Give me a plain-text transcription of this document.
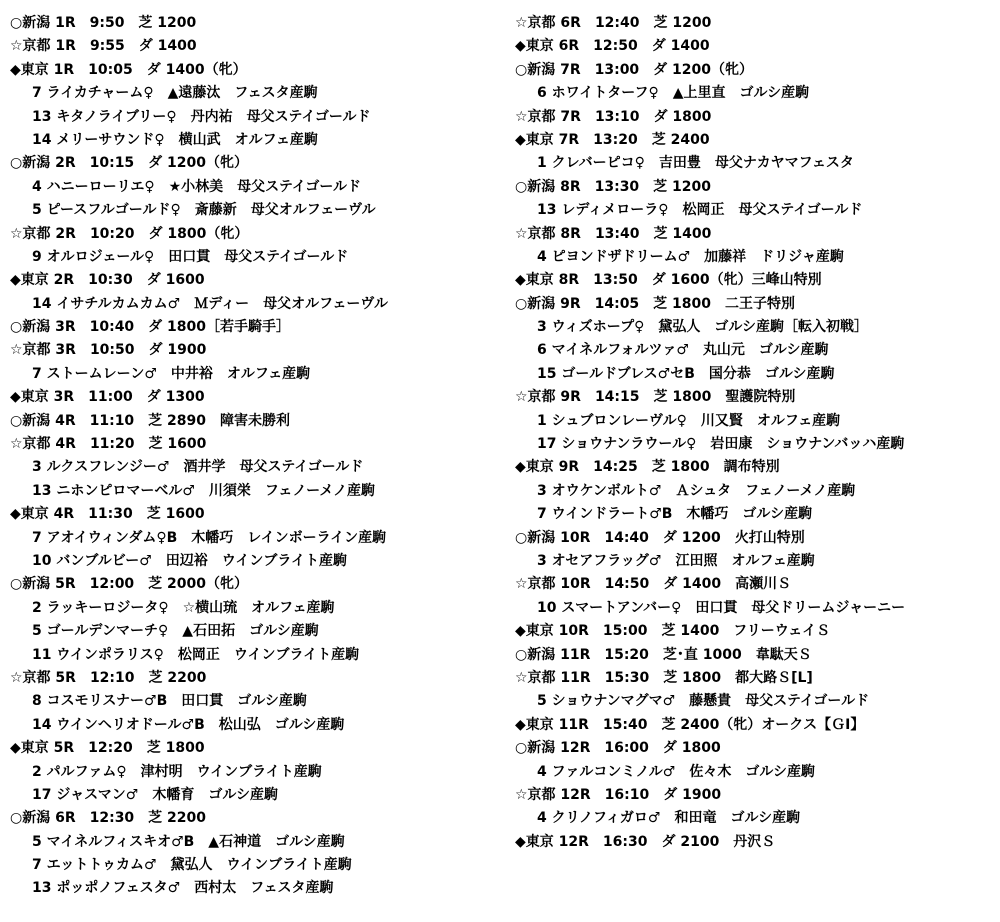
○新潟 1R　9:50　芝 1200
☆京都 1R　9:55　ダ 1400
◆東京 1R　10:05　ダ 1400（牝）
7 ライカチャーム♀　▲遠藤汰　フェスタ産駒
13 キタノライブリー♀　丹内祐　母父ステイゴールド
14 メリーサウンド♀　横山武　オルフェ産駒
○新潟 2R　10:15　ダ 1200（牝）
4 ハニーローリエ♀　★小林美　母父ステイゴールド
5 ピースフルゴールド♀　斎藤新　母父オルフェーヴル
☆京都 2R　10:20　ダ 1800（牝）
9 オルロジェール♀　田口貫　母父ステイゴールド
◆東京 2R　10:30　ダ 1600
14 イサチルカムカム♂　Ｍディー　母父オルフェーヴル
○新潟 3R　10:40　ダ 1800［若手騎手］
☆京都 3R　10:50　ダ 1900
7 ストームレーン♂　中井裕　オルフェ産駒
◆東京 3R　11:00　ダ 1300
○新潟 4R　11:10　芝 2890　障害未勝利
☆京都 4R　11:20　芝 1600
3 ルクスフレンジー♂　酒井学　母父ステイゴールド
13 ニホンピロマーベル♂　川須栄　フェノーメノ産駒
◆東京 4R　11:30　芝 1600
7 アオイウィンダム♀B　木幡巧　レインボーライン産駒
10 バンブルビー♂　田辺裕　ウインブライト産駒
○新潟 5R　12:00　芝 2000（牝）
2 ラッキーロジータ♀　☆横山琉　オルフェ産駒
5 ゴールデンマーチ♀　▲石田拓　ゴルシ産駒
11 ウインポラリス♀　松岡正　ウインブライト産駒
☆京都 5R　12:10　芝 2200
8 コスモリスナー♂B　田口貫　ゴルシ産駒
14 ウインヘリオドール♂B　松山弘　ゴルシ産駒
◆東京 5R　12:20　芝 1800
2 パルファム♀　津村明　ウインブライト産駒
17 ジャスマン♂　木幡育　ゴルシ産駒
○新潟 6R　12:30　芝 2200
5 マイネルフィスキオ♂B　▲石神道　ゴルシ産駒
7 エットトゥカム♂　黛弘人　ウインブライト産駒
13 ポッポノフェスタ♂　西村太　フェスタ産駒
☆京都 6R　12:40　芝 1200
◆東京 6R　12:50　ダ 1400
○新潟 7R　13:00　ダ 1200（牝）
6 ホワイトターフ♀　▲上里直　ゴルシ産駒
☆京都 7R　13:10　ダ 1800
◆東京 7R　13:20　芝 2400
1 クレバーピコ♀　吉田豊　母父ナカヤマフェスタ
○新潟 8R　13:30　芝 1200
13 レディメローラ♀　松岡正　母父ステイゴールド
☆京都 8R　13:40　芝 1400
4 ピヨンドザドリーム♂　加藤祥　ドリジャ産駒
◆東京 8R　13:50　ダ 1600（牝）三峰山特別
○新潟 9R　14:05　芝 1800　二王子特別
3 ウィズホープ♀　黛弘人　ゴルシ産駒［転入初戦］
6 マイネルフォルツァ♂　丸山元　ゴルシ産駒
15 ゴールドブレス♂セB　国分恭　ゴルシ産駒
☆京都 9R　14:15　芝 1800　聖護院特別
1 シュブロンレーヴル♀　川又賢　オルフェ産駒
17 ショウナンラウール♀　岩田康　ショウナンバッハ産駒
◆東京 9R　14:25　芝 1800　調布特別
3 オウケンボルト♂　Ａシュタ　フェノーメノ産駒
7 ウインドラート♂B　木幡巧　ゴルシ産駒
○新潟 10R　14:40　ダ 1200　火打山特別
3 オセアフラッグ♂　江田照　オルフェ産駒
☆京都 10R　14:50　ダ 1400　高瀬川Ｓ
10 スマートアンバー♀　田口貫　母父ドリームジャーニー
◆東京 10R　15:00　芝 1400　フリーウェイＳ
○新潟 11R　15:20　芝･直 1000　韋駄天Ｓ
☆京都 11R　15:30　芝 1800　都大路Ｓ[L]
5 ショウナンマグマ♂　藤懸貴　母父ステイゴールド
◆東京 11R　15:40　芝 2400（牝）オークス【ＧⅠ】
○新潟 12R　16:00　ダ 1800
4 ファルコンミノル♂　佐々木　ゴルシ産駒
☆京都 12R　16:10　ダ 1900
4 クリノフィガロ♂　和田竜　ゴルシ産駒
◆東京 12R　16:30　ダ 2100　丹沢Ｓ
